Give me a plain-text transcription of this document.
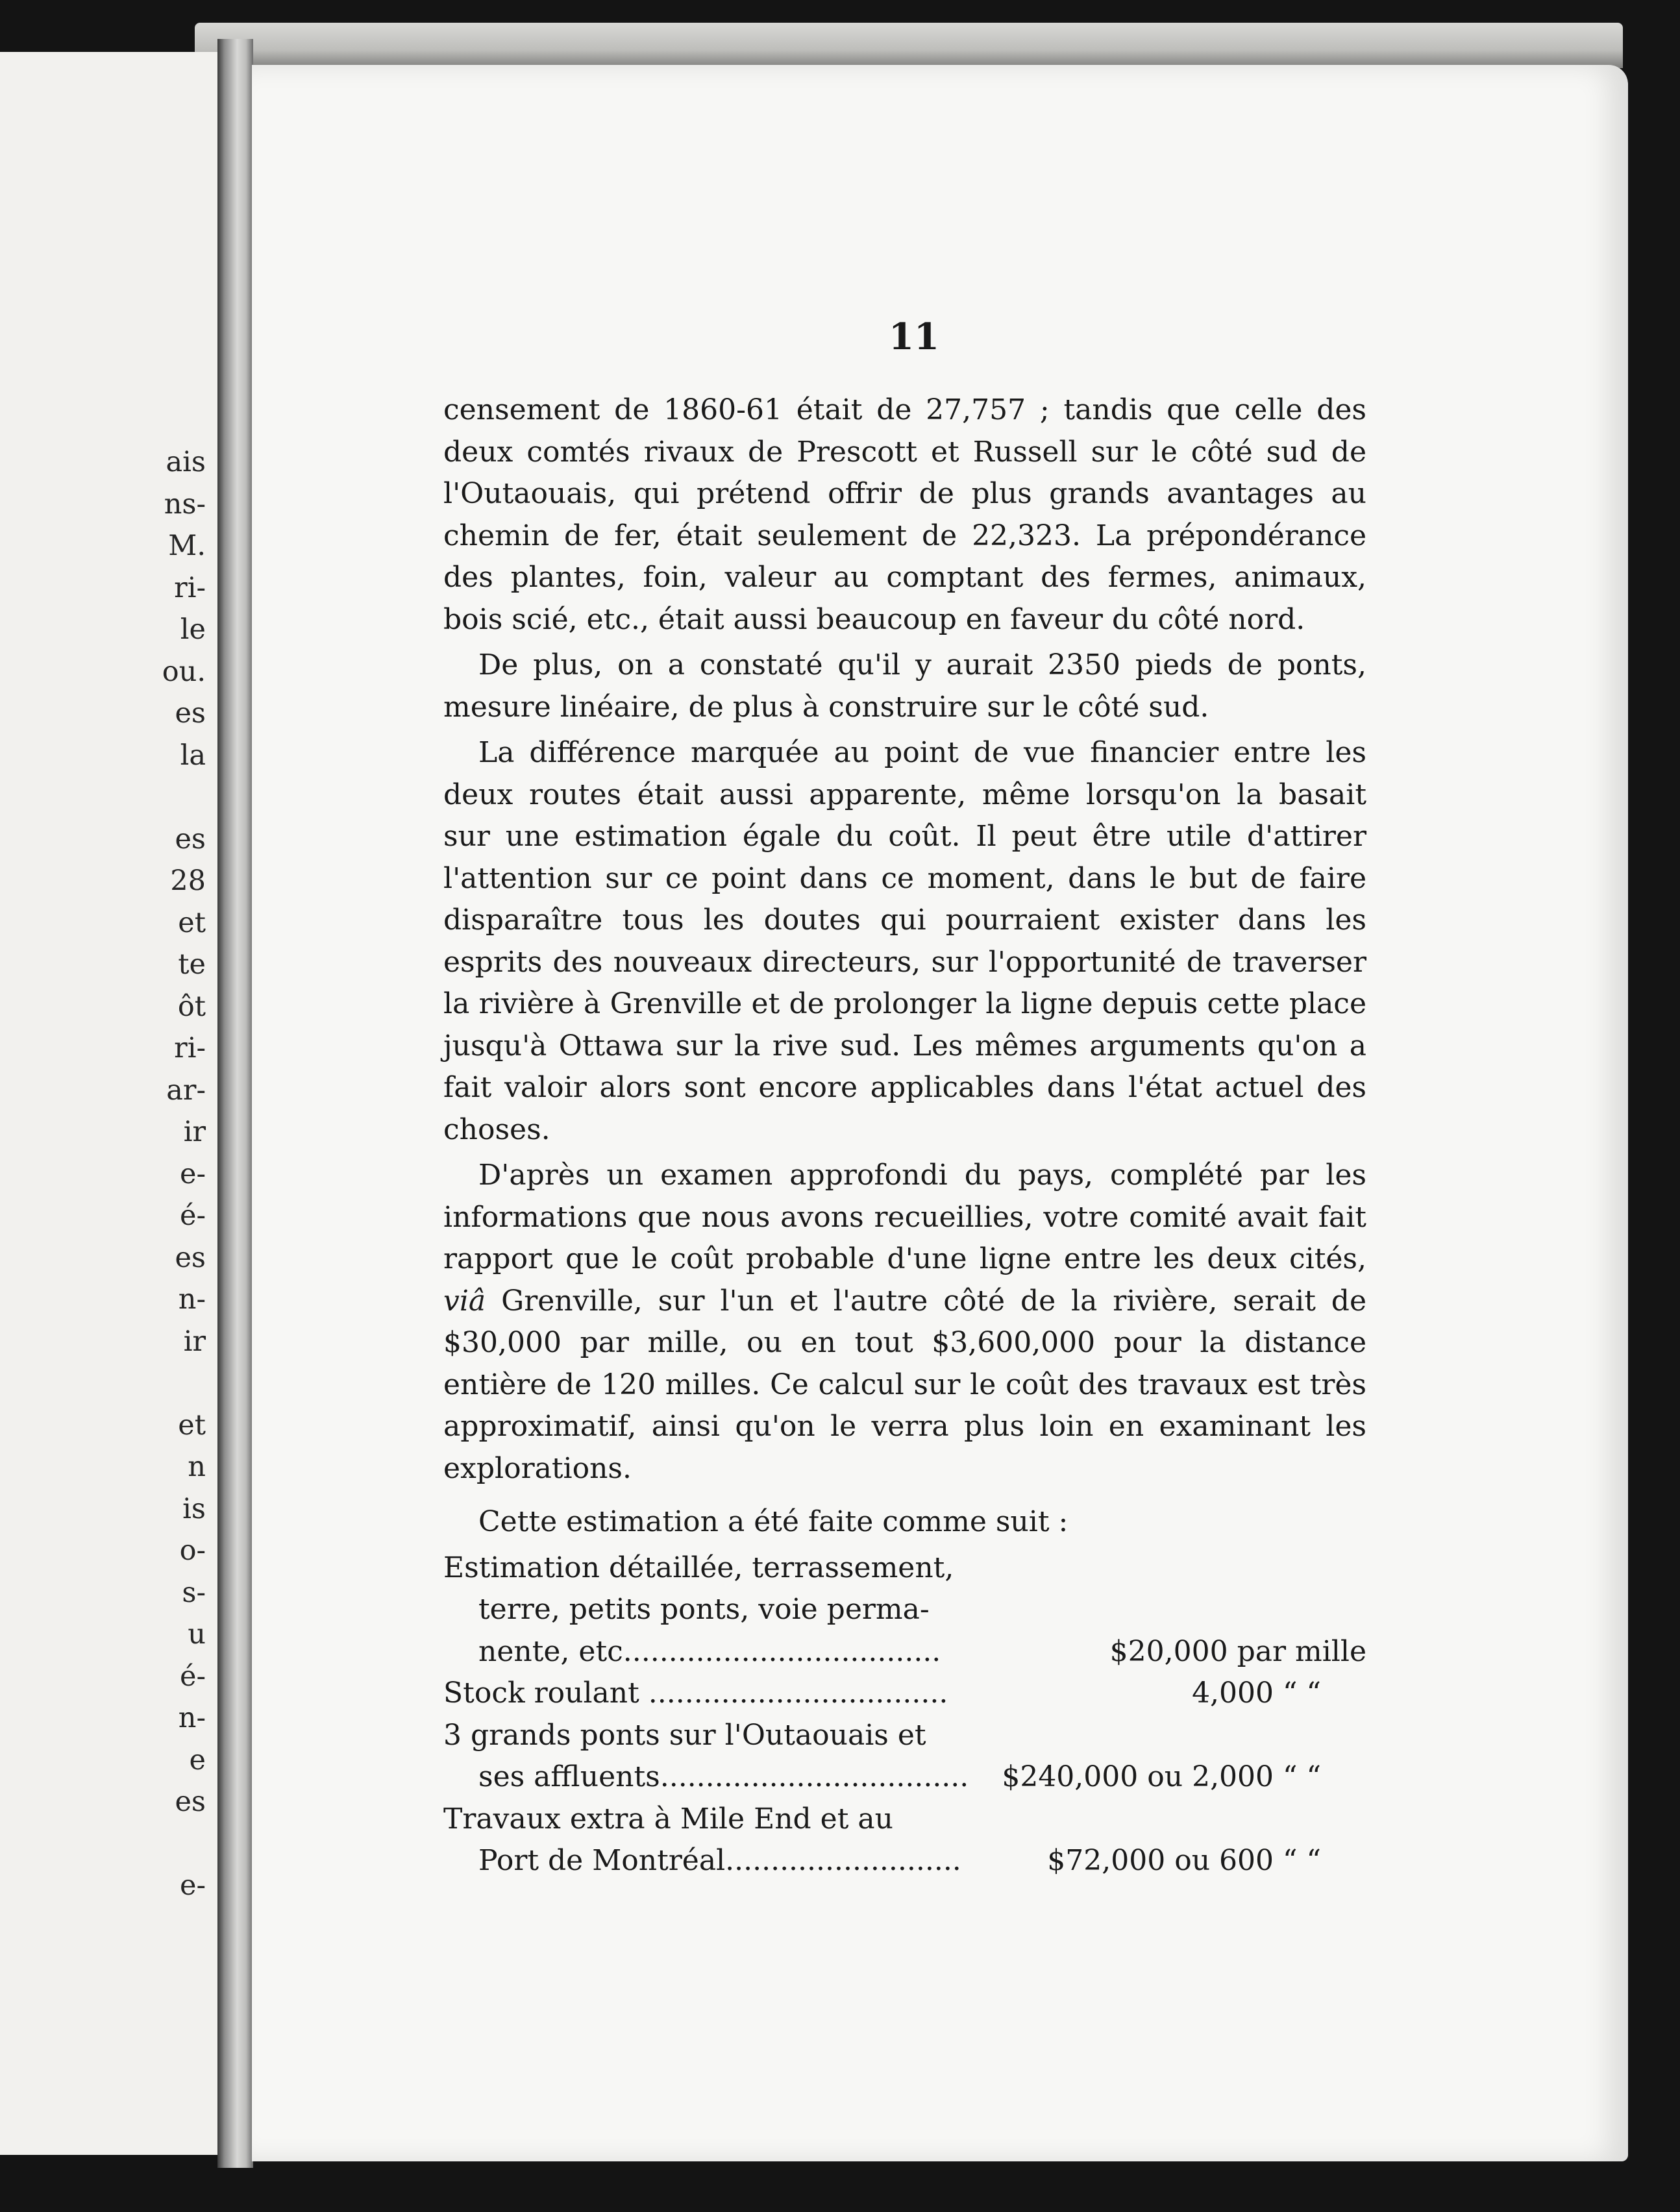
ais
ns-
M.
ri-
le
ou.
es
la
es
28
et
te
ôt
ri-
ar-
ir
e-
é-
es
n-
ir
et
n
is
o-
s-
u
é-
n-
e
es
e-
11

censement de 1860-61 était de 27,757 ; tandis que celle des deux comtés rivaux de Prescott et Russell sur le côté sud de l'Outaouais, qui prétend offrir de plus grands avantages au chemin de fer, était seulement de 22,323. La prépondérance des plantes, foin, valeur au comptant des fermes, animaux, bois scié, etc., était aussi beaucoup en faveur du côté nord.

De plus, on a constaté qu'il y aurait 2350 pieds de ponts, mesure linéaire, de plus à construire sur le côté sud.

La différence marquée au point de vue financier entre les deux routes était aussi apparente, même lorsqu'on la basait sur une estimation égale du coût. Il peut être utile d'attirer l'attention sur ce point dans ce moment, dans le but de faire disparaître tous les doutes qui pourraient exister dans les esprits des nouveaux directeurs, sur l'opportunité de traverser la rivière à Grenville et de prolonger la ligne depuis cette place jusqu'à Ottawa sur la rive sud. Les mêmes arguments qu'on a fait valoir alors sont encore applicables dans l'état actuel des choses.

D'après un examen approfondi du pays, complété par les informations que nous avons recueillies, votre comité avait fait rapport que le coût probable d'une ligne entre les deux cités, viâ Grenville, sur l'un et l'autre côté de la rivière, serait de $30,000 par mille, ou en tout $3,600,000 pour la distance entière de 120 milles. Ce calcul sur le coût des travaux est très approximatif, ainsi qu'on le verra plus loin en examinant les explorations.

Cette estimation a été faite comme suit :

Estimation détaillée, terrassement,
terre, petits ponts, voie perma-
nente, etc...................................	$20,000 par mille
Stock roulant .................................	4,000 “ “
3 grands ponts sur l'Outaouais et
ses affluents.................................. $240,000 ou 2,000 “ “
Travaux extra à Mile End et au
Port de Montréal..........................	$72,000 ou 600 “ “
